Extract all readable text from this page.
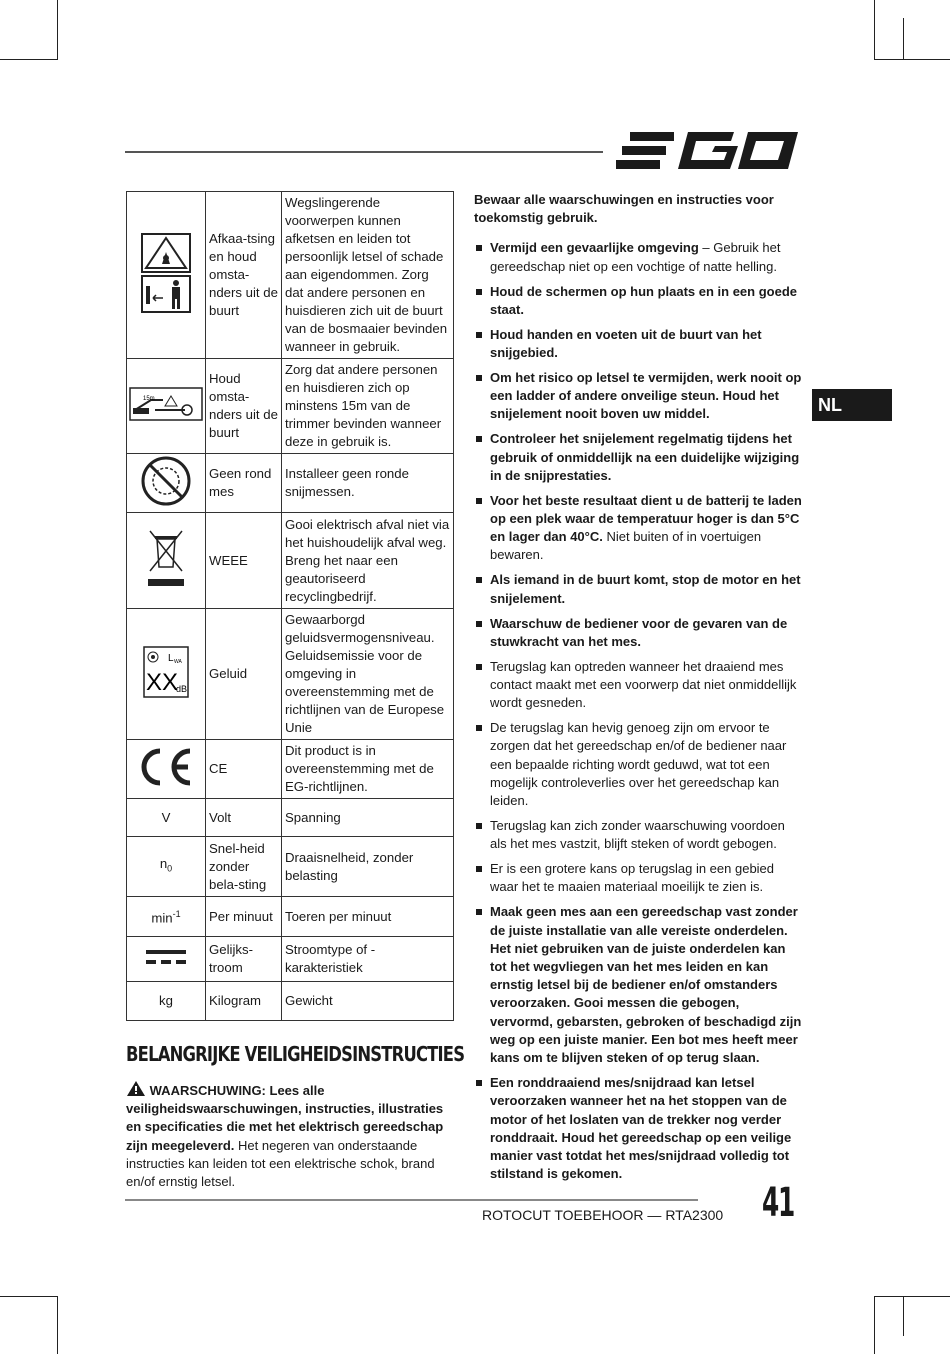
NL
	Afkaa-tsing en houd omsta-nders uit de buurt	Wegslingerende voorwerpen kunnen afketsen en leiden tot persoonlijk letsel of schade aan eigendommen. Zorg dat andere personen en huisdieren zich uit de buurt van de bosmaaier bevinden wanneer in gebruik.

15m	Houd omsta-nders uit de buurt	Zorg dat andere personen en huisdieren zich op minstens 15m van de trimmer bevinden wanneer deze in gebruik is.
	Geen rond mes	Installeer geen ronde snijmessen.
	WEEE	Gooi elektrisch afval niet via het huishoudelijk afval weg. Breng het naar een geautoriseerd recyclingbedrijf.

L WA
XX
dB	Geluid	Gewaarborgd geluidsvermogensniveau. Geluidsemissie voor de omgeving in overeenstemming met de richtlijnen van de Europese Unie
	CE	Dit product is in overeenstemming met de EG-richtlijnen.
V	Volt	Spanning
$n_0$	Snel-heid zonder bela-sting	Draaisnelheid, zonder belasting
$\min^{-1}$	Per minuut	Toeren per minuut
	Gelijks-troom	Stroomtype of -karakteristiek
kg	Kilogram	Gewicht
BELANGRIJKE VEILIGHEIDSINSTRUCTIES
WAARSCHUWING: Lees alle veiligheidswaarschuwingen, instructies, illustraties en specificaties die met het elektrisch gereedschap zijn meegeleverd. Het negeren van onderstaande instructies kan leiden tot een elektrische schok, brand en/of ernstig letsel.

Bewaar alle waarschuwingen en instructies voor toekomstig gebruik.

Vermijd een gevaarlijke omgeving – Gebruik het gereedschap niet op een vochtige of natte helling.
Houd de schermen op hun plaats en in een goede staat.
Houd handen en voeten uit de buurt van het snijgebied.
Om het risico op letsel te vermijden, werk nooit op een ladder of andere onveilige steun. Houd het snijelement nooit boven uw middel.
Controleer het snijelement regelmatig tijdens het gebruik of onmiddellijk na een duidelijke wijziging in de snijprestaties.
Voor het beste resultaat dient u de batterij te laden op een plek waar de temperatuur hoger is dan 5°C en lager dan 40°C. Niet buiten of in voertuigen bewaren.
Als iemand in de buurt komt, stop de motor en het snijelement.
Waarschuw de bediener voor de gevaren van de stuwkracht van het mes.
Terugslag kan optreden wanneer het draaiend mes contact maakt met een voorwerp dat niet onmiddellijk wordt gesneden.
De terugslag kan hevig genoeg zijn om ervoor te zorgen dat het gereedschap en/of de bediener naar een bepaalde richting wordt geduwd, wat tot een mogelijk controleverlies over het gereedschap kan leiden.
Terugslag kan zich zonder waarschuwing voordoen als het mes vastzit, blijft steken of wordt gebogen.
Er is een grotere kans op terugslag in een gebied waar het te maaien materiaal moeilijk te zien is.
Maak geen mes aan een gereedschap vast zonder de juiste installatie van alle vereiste onderdelen. Het niet gebruiken van de juiste onderdelen kan tot het wegvliegen van het mes leiden en kan ernstig letsel bij de bediener en/of omstanders veroorzaken. Gooi messen die gebogen, vervormd, gebarsten, gebroken of beschadigd zijn weg op een juiste manier. Een bot mes heeft meer kans om te blijven steken of op terug slaan.
Een ronddraaiend mes/snijdraad kan letsel veroorzaken wanneer het na het stoppen van de motor of het loslaten van de trekker nog verder ronddraait. Houd het gereedschap op een veilige manier vast totdat het mes/snijdraad volledig tot stilstand is gekomen.
ROTOCUT TOEBEHOOR — RTA2300 41
